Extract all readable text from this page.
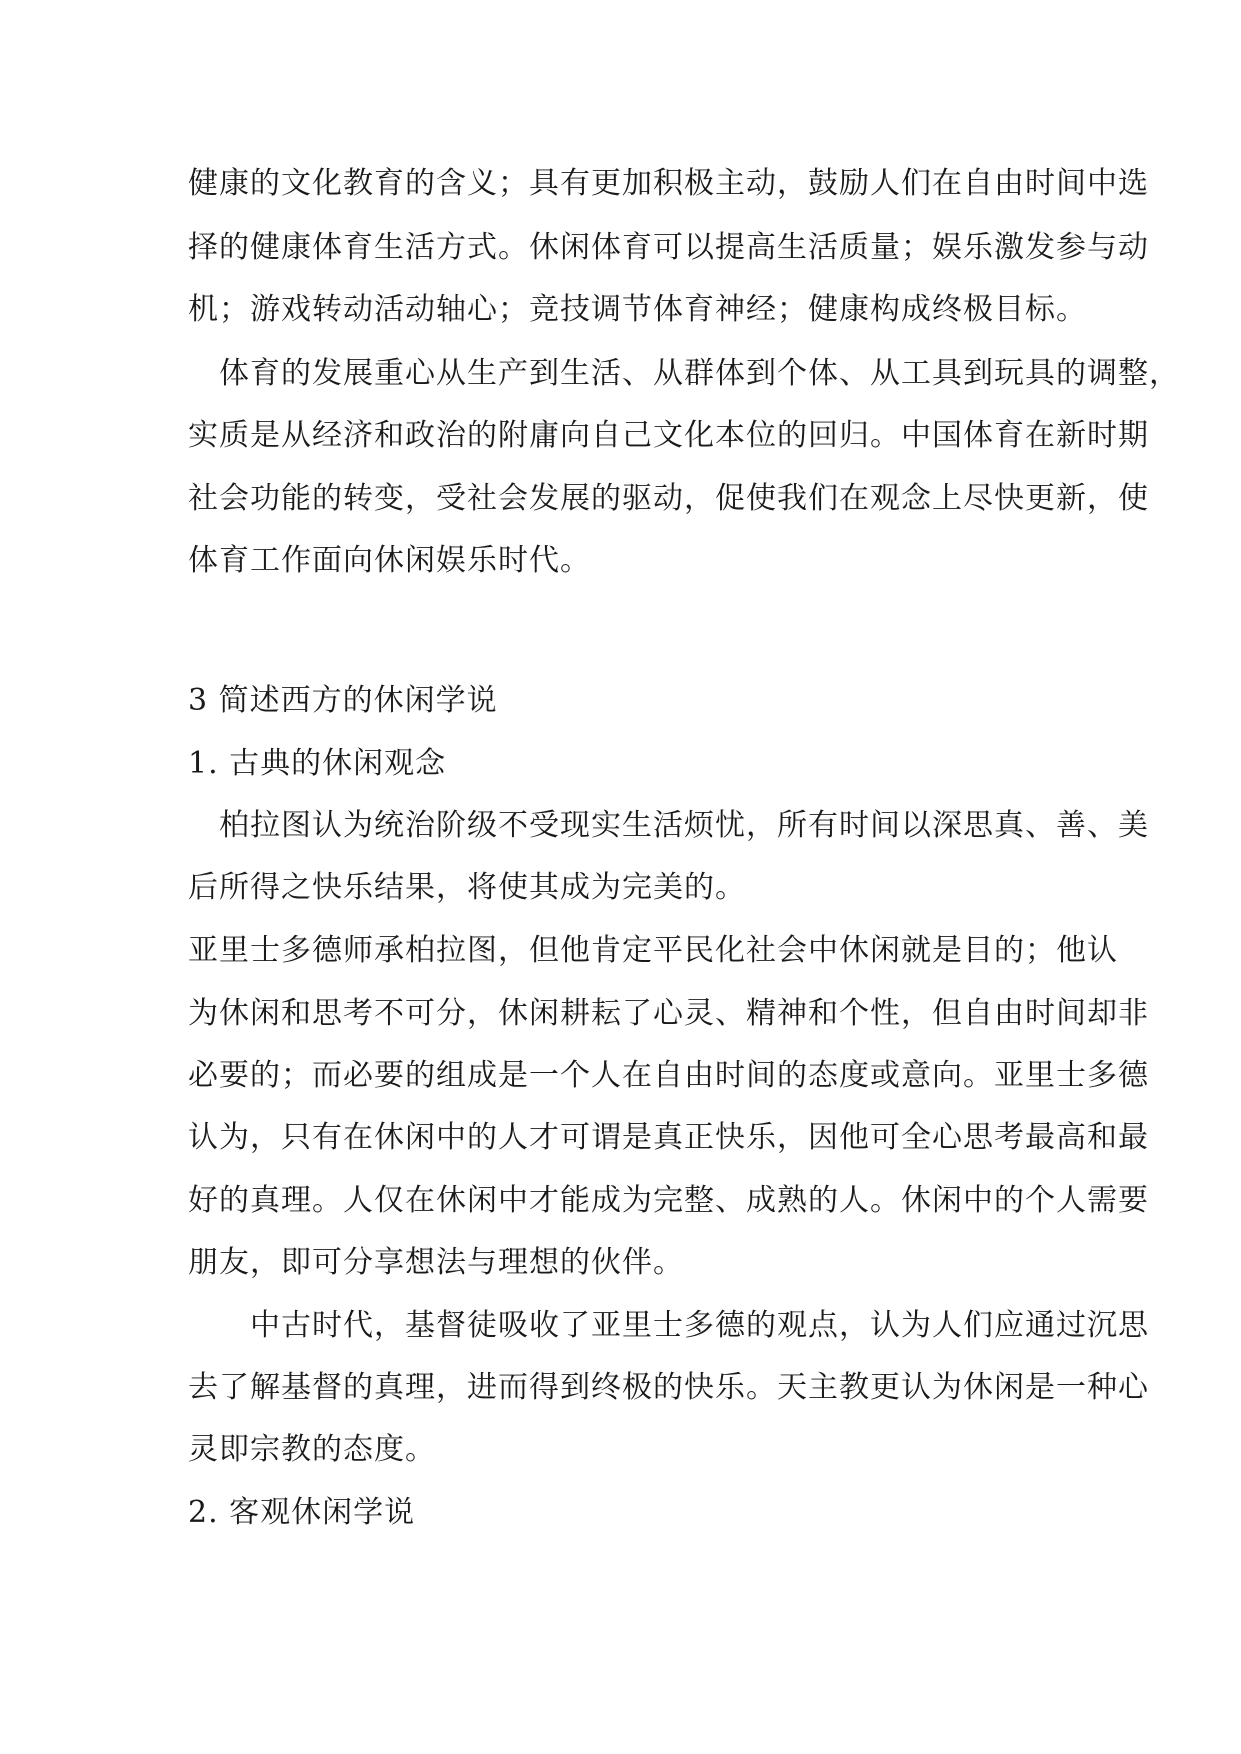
健康的文化教育的含义；具有更加积极主动，鼓励人们在自由时间中选
择的健康体育生活方式。休闲体育可以提高生活质量；娱乐激发参与动
机；游戏转动活动轴心；竞技调节体育神经；健康构成终极目标。
　体育的发展重心从生产到生活、从群体到个体、从工具到玩具的调整，
实质是从经济和政治的附庸向自己文化本位的回归。中国体育在新时期
社会功能的转变，受社会发展的驱动，促使我们在观念上尽快更新，使
体育工作面向休闲娱乐时代。
3 简述西方的休闲学说
1. 古典的休闲观念
　柏拉图认为统治阶级不受现实生活烦忧，所有时间以深思真、善、美
后所得之快乐结果，将使其成为完美的。
亚里士多德师承柏拉图，但他肯定平民化社会中休闲就是目的；他认
为休闲和思考不可分，休闲耕耘了心灵、精神和个性，但自由时间却非
必要的；而必要的组成是一个人在自由时间的态度或意向。亚里士多德
认为，只有在休闲中的人才可谓是真正快乐，因他可全心思考最高和最
好的真理。人仅在休闲中才能成为完整、成熟的人。休闲中的个人需要
朋友，即可分享想法与理想的伙伴。
　　中古时代，基督徒吸收了亚里士多德的观点，认为人们应通过沉思
去了解基督的真理，进而得到终极的快乐。天主教更认为休闲是一种心
灵即宗教的态度。
2. 客观休闲学说
